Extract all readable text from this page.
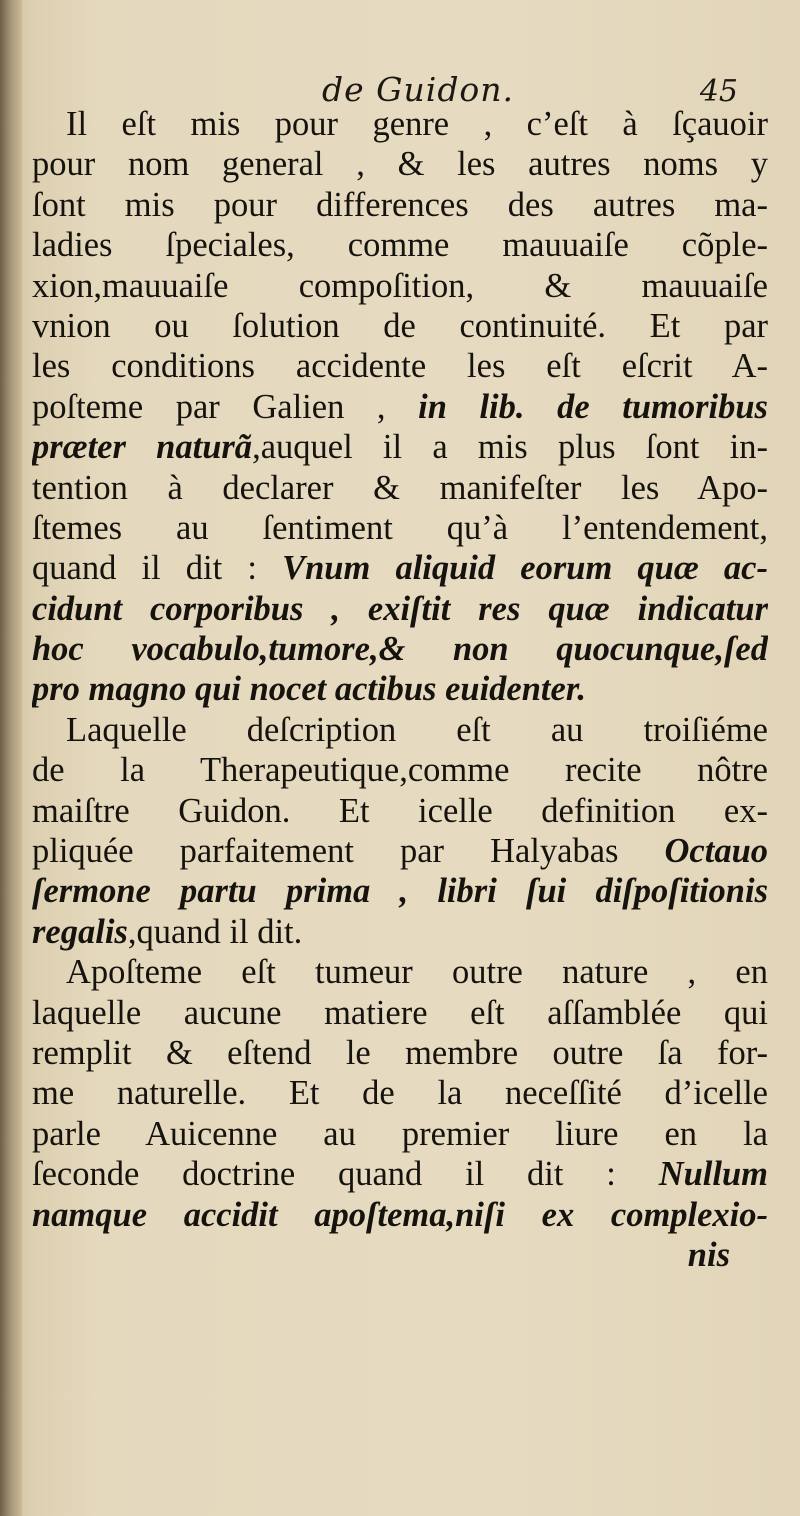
de Guidon.	45
Il eſt mis pour genre , c’eſt à ſçauoir
pour nom general , & les autres noms y
ſont mis pour differences des autres ma-
ladies ſpeciales, comme mauuaiſe cõple-
xion,mauuaiſe compoſition, & mauuaiſe
vnion ou ſolution de continuité. Et par
les conditions accidente les eſt eſcrit A-
poſteme par Galien , in lib. de tumoribus
præter naturã,auquel il a mis plus ſont in-
tention à declarer & manifeſter les Apo-
ſtemes au ſentiment qu’à l’entendement,
quand il dit : Vnum aliquid eorum quæ ac-
cidunt corporibus , exiſtit res quæ indicatur
hoc vocabulo,tumore,& non quocunque,ſed
pro magno qui nocet actibus euidenter.
Laquelle deſcription eſt au troiſiéme
de la Therapeutique,comme recite nôtre
maiſtre Guidon. Et icelle definition ex-
pliquée parfaitement par Halyabas Octauo
ſermone partu prima , libri ſui diſpoſitionis
regalis,quand il dit.
Apoſteme eſt tumeur outre nature , en
laquelle aucune matiere eſt aſſamblée qui
remplit & eſtend le membre outre ſa for-
me naturelle. Et de la neceſſité d’icelle
parle Auicenne au premier liure en la
ſeconde doctrine quand il dit : Nullum
namque accidit apoſtema,niſi ex complexio-
nis
